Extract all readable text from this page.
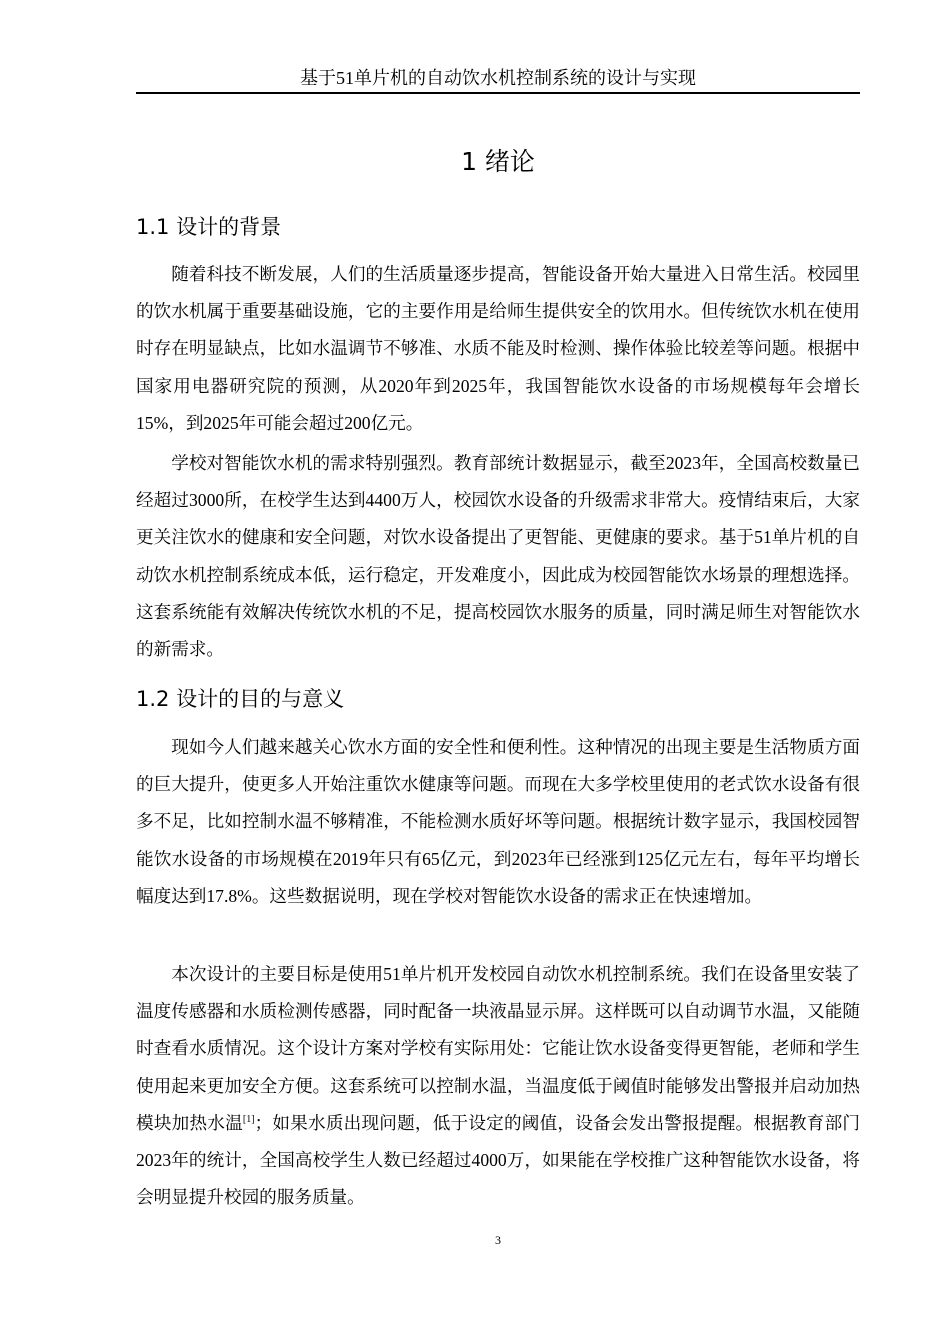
基于51单片机的自动饮水机控制系统的设计与实现
1 绪论
1.1 设计的背景

随着科技不断发展，人们的生活质量逐步提高，智能设备开始大量进入日常生活。校园里的饮水机属于重要基础设施，它的主要作用是给师生提供安全的饮用水。但传统饮水机在使用时存在明显缺点，比如水温调节不够准、水质不能及时检测、操作体验比较差等问题。根据中国家用电器研究院的预测，从2020年到2025年，我国智能饮水设备的市场规模每年会增长15%，到2025年可能会超过200亿元。

学校对智能饮水机的需求特别强烈。教育部统计数据显示，截至2023年，全国高校数量已经超过3000所，在校学生达到4400万人，校园饮水设备的升级需求非常大。疫情结束后，大家更关注饮水的健康和安全问题，对饮水设备提出了更智能、更健康的要求。基于51单片机的自动饮水机控制系统成本低，运行稳定，开发难度小，因此成为校园智能饮水场景的理想选择。这套系统能有效解决传统饮水机的不足，提高校园饮水服务的质量，同时满足师生对智能饮水的新需求。

1.2 设计的目的与意义

现如今人们越来越关心饮水方面的安全性和便利性。这种情况的出现主要是生活物质方面的巨大提升，使更多人开始注重饮水健康等问题。而现在大多学校里使用的老式饮水设备有很多不足，比如控制水温不够精准，不能检测水质好坏等问题。根据统计数字显示，我国校园智能饮水设备的市场规模在2019年只有65亿元，到2023年已经涨到125亿元左右，每年平均增长幅度达到17.8%。这些数据说明，现在学校对智能饮水设备的需求正在快速增加。

本次设计的主要目标是使用51单片机开发校园自动饮水机控制系统。我们在设备里安装了温度传感器和水质检测传感器，同时配备一块液晶显示屏。这样既可以自动调节水温，又能随时查看水质情况。这个设计方案对学校有实际用处：它能让饮水设备变得更智能，老师和学生使用起来更加安全方便。这套系统可以控制水温，当温度低于阈值时能够发出警报并启动加热模块加热水温[1]；如果水质出现问题，低于设定的阈值，设备会发出警报提醒。根据教育部门2023年的统计，全国高校学生人数已经超过4000万，如果能在学校推广这种智能饮水设备，将会明显提升校园的服务质量。

3
